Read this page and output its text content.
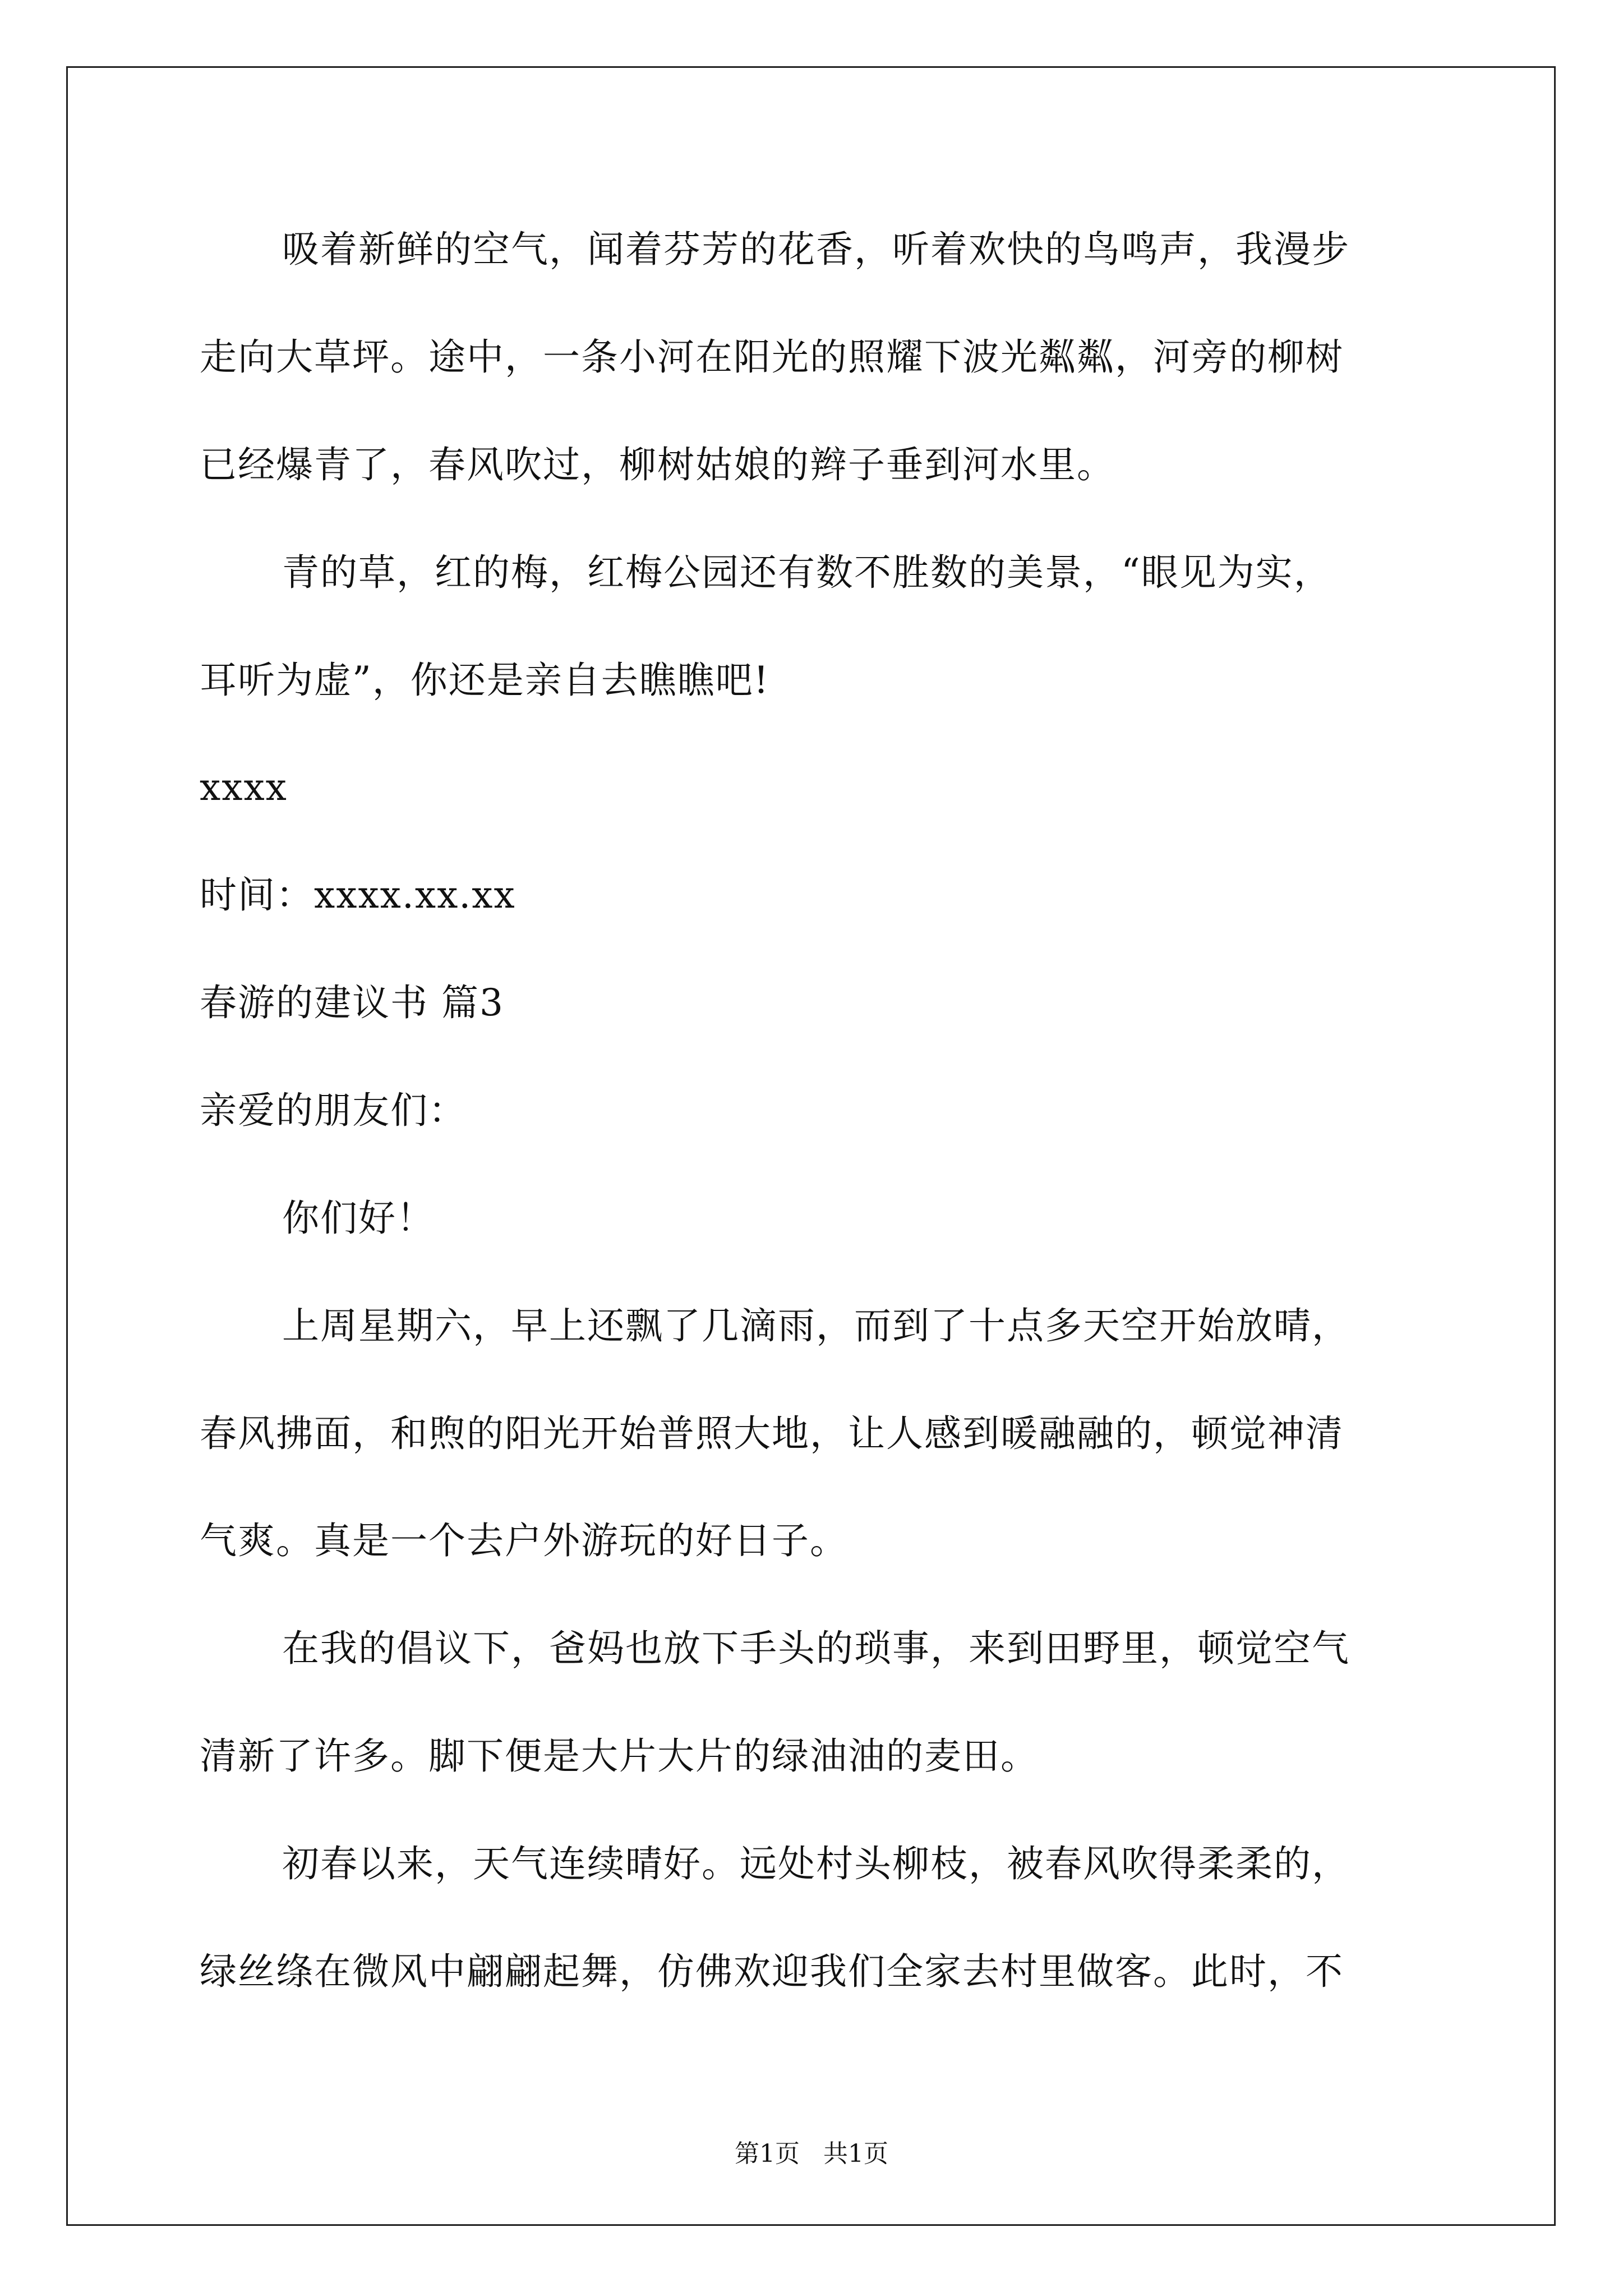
吸着新鲜的空气，闻着芬芳的花香，听着欢快的鸟鸣声，我漫步
走向大草坪。途中，一条小河在阳光的照耀下波光粼粼，河旁的柳树
已经爆青了，春风吹过，柳树姑娘的辫子垂到河水里。
青的草，红的梅，红梅公园还有数不胜数的美景，“眼见为实，
耳听为虚”，你还是亲自去瞧瞧吧!
xxxx
时间：xxxx.xx.xx
春游的建议书 篇3
亲爱的朋友们：
你们好！
上周星期六，早上还飘了几滴雨，而到了十点多天空开始放晴，
春风拂面，和煦的阳光开始普照大地，让人感到暖融融的，顿觉神清
气爽。真是一个去户外游玩的好日子。
在我的倡议下，爸妈也放下手头的琐事，来到田野里，顿觉空气
清新了许多。脚下便是大片大片的绿油油的麦田。
初春以来，天气连续晴好。远处村头柳枝，被春风吹得柔柔的，
绿丝绦在微风中翩翩起舞，仿佛欢迎我们全家去村里做客。此时，不
第1页   共1页
